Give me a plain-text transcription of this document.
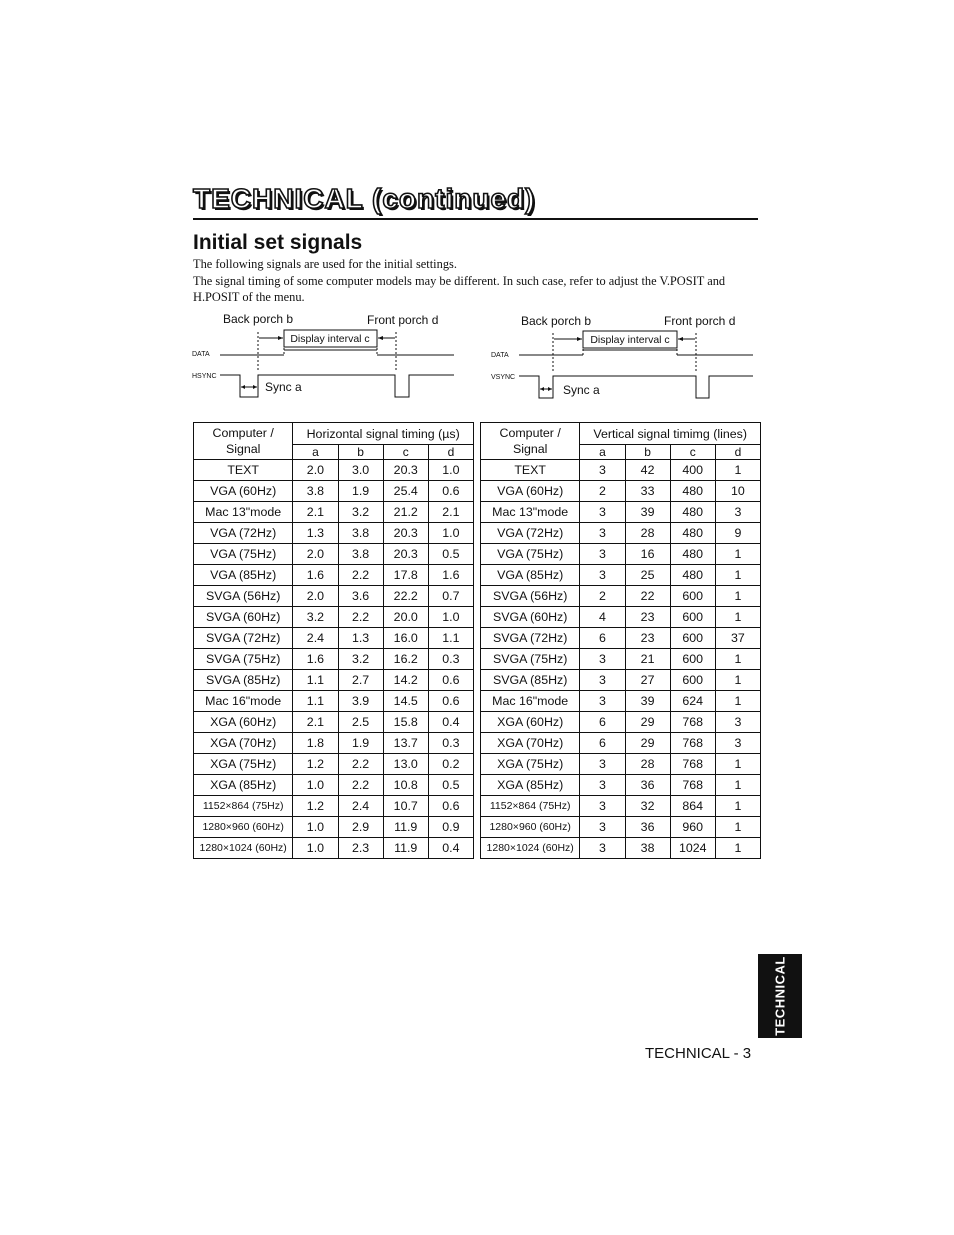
TECHNICAL (continued)
Initial set signals

The following signals are used for the initial settings.

The signal timing of some computer models may be different. In such case, refer to adjust the V.POSIT and H.POSIT of the menu.

Back porch b	Front porch d
Display interval c
DATA
HSYNC
Sync a
Back porch b	Front porch d
Display interval c
DATA
VSYNC
Sync a
Computer / Signal	Horizontal signal timing (µs)			
	a	b	c	d
TEXT	2.0	3.0	20.3	1.0
VGA (60Hz)	3.8	1.9	25.4	0.6
Mac 13"mode	2.1	3.2	21.2	2.1
VGA (72Hz)	1.3	3.8	20.3	1.0
VGA (75Hz)	2.0	3.8	20.3	0.5
VGA (85Hz)	1.6	2.2	17.8	1.6
SVGA (56Hz)	2.0	3.6	22.2	0.7
SVGA (60Hz)	3.2	2.2	20.0	1.0
SVGA (72Hz)	2.4	1.3	16.0	1.1
SVGA (75Hz)	1.6	3.2	16.2	0.3
SVGA (85Hz)	1.1	2.7	14.2	0.6
Mac 16"mode	1.1	3.9	14.5	0.6
XGA (60Hz)	2.1	2.5	15.8	0.4
XGA (70Hz)	1.8	1.9	13.7	0.3
XGA (75Hz)	1.2	2.2	13.0	0.2
XGA (85Hz)	1.0	2.2	10.8	0.5
1152×864 (75Hz)	1.2	2.4	10.7	0.6
1280×960 (60Hz)	1.0	2.9	11.9	0.9
1280×1024 (60Hz)	1.0	2.3	11.9	0.4
Computer / Signal	Vertical signal timimg (lines)			
	a	b	c	d
TEXT	3	42	400	1
VGA (60Hz)	2	33	480	10
Mac 13"mode	3	39	480	3
VGA (72Hz)	3	28	480	9
VGA (75Hz)	3	16	480	1
VGA (85Hz)	3	25	480	1
SVGA (56Hz)	2	22	600	1
SVGA (60Hz)	4	23	600	1
SVGA (72Hz)	6	23	600	37
SVGA (75Hz)	3	21	600	1
SVGA (85Hz)	3	27	600	1
Mac 16"mode	3	39	624	1
XGA (60Hz)	6	29	768	3
XGA (70Hz)	6	29	768	3
XGA (75Hz)	3	28	768	1
XGA (85Hz)	3	36	768	1
1152×864 (75Hz)	3	32	864	1
1280×960 (60Hz)	3	36	960	1
1280×1024 (60Hz)	3	38	1024	1
TECHNICAL
TECHNICAL - 3
